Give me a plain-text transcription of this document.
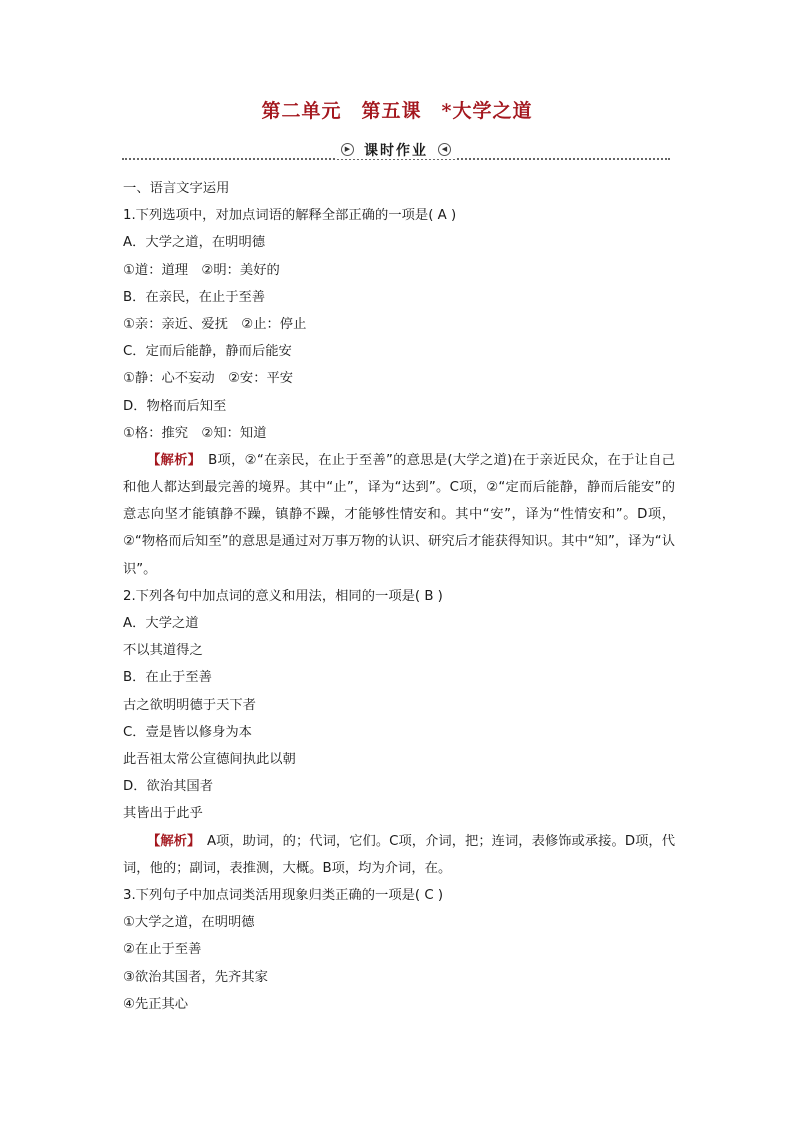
第二单元　第五课　*大学之道
▶ 课时作业 ◀
一、语言文字运用
1.下列选项中，对加点词语的解释全部正确的一项是( A )
A．大学之道，在明明德
①道：道理　②明：美好的
B．在亲民，在止于至善
①亲：亲近、爱抚　②止：停止
C．定而后能静，静而后能安
①静：心不妄动　②安：平安
D．物格而后知至
①格：推究　②知：知道
【解析】　B项，②“在亲民，在止于至善”的意思是(大学之道)在于亲近民众，在于让自己和他人都达到最完善的境界。其中“止”，译为“达到”。C项，②“定而后能静，静而后能安”的意志向坚才能镇静不躁，镇静不躁，才能够性情安和。其中“安”，译为“性情安和”。D项，②“物格而后知至”的意思是通过对万事万物的认识、研究后才能获得知识。其中“知”，译为“认识”。
2.下列各句中加点词的意义和用法，相同的一项是( B )
A．大学之道
不以其道得之
B．在止于至善
古之欲明明德于天下者
C．壹是皆以修身为本
此吾祖太常公宣德间执此以朝
D．欲治其国者
其皆出于此乎
【解析】　A项，助词，的；代词，它们。C项，介词，把；连词，表修饰或承接。D项，代词，他的；副词，表推测，大概。B项，均为介词，在。
3.下列句子中加点词类活用现象归类正确的一项是( C )
①大学之道，在明明德
②在止于至善
③欲治其国者，先齐其家
④先正其心
